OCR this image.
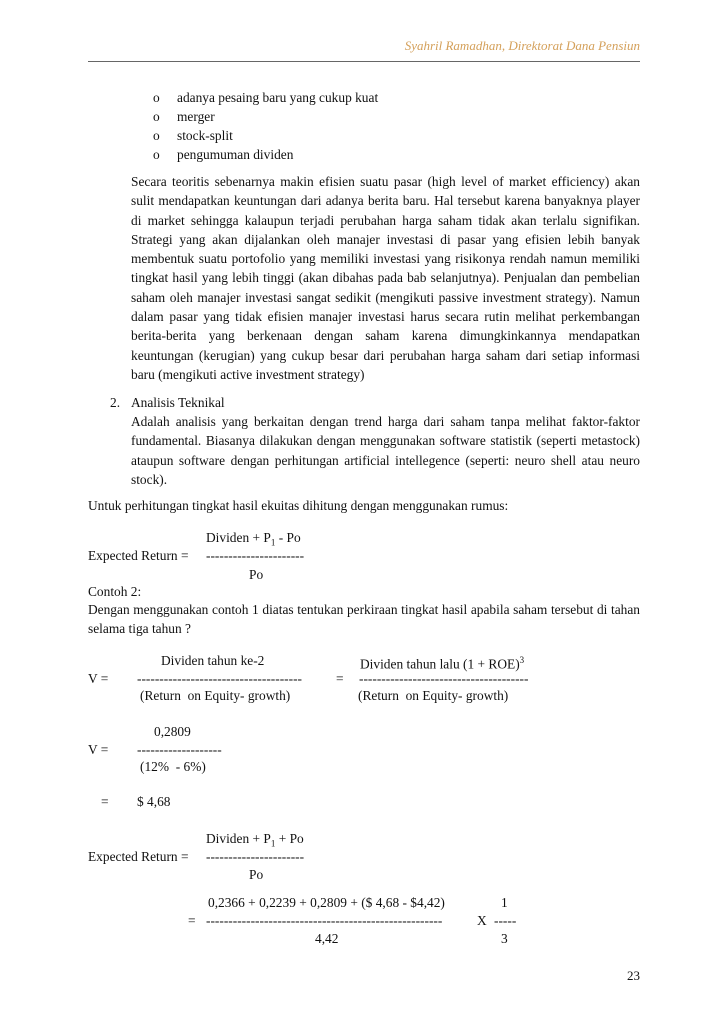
Syahril Ramadhan, Direktorat Dana Pensiun
o	adanya pesaing baru yang cukup kuat
o	merger
o	stock-split
o	pengumuman dividen
Secara teoritis sebenarnya makin efisien suatu pasar (high level of market efficiency) akan sulit mendapatkan keuntungan dari adanya berita baru. Hal tersebut karena banyaknya player di market sehingga kalaupun terjadi perubahan harga saham tidak akan terlalu signifikan. Strategi yang akan dijalankan oleh manajer investasi di pasar yang efisien lebih banyak membentuk suatu portofolio yang memiliki investasi yang risikonya rendah namun memiliki tingkat hasil yang lebih tinggi (akan dibahas pada bab selanjutnya). Penjualan dan pembelian saham oleh manajer investasi sangat sedikit (mengikuti passive investment strategy). Namun dalam pasar yang tidak efisien manajer investasi harus secara rutin melihat perkembangan berita-berita yang berkenaan dengan saham karena dimungkinkannya mendapatkan keuntungan (kerugian) yang cukup besar dari perubahan harga saham dari setiap informasi baru (mengikuti active investment strategy)
2. Analisis Teknikal
Adalah analisis yang berkaitan dengan trend harga dari saham tanpa melihat faktor-faktor fundamental. Biasanya dilakukan dengan menggunakan software statistik (seperti metastock) ataupun software dengan perhitungan artificial intellegence (seperti: neuro shell atau neuro stock).
Untuk perhitungan tingkat hasil ekuitas dihitung dengan menggunakan rumus:
Dividen + $P_1$ - Po
Expected Return = ----------------------
Po
Contoh 2:
Dengan menggunakan contoh 1 diatas tentukan perkiraan tingkat hasil apabila saham tersebut di tahan selama tiga tahun ?
Dividen tahun ke-2	Dividen tahun lalu (1 + ROE)$^3$
V = -------------------------------------	= --------------------------------------
(Return  on Equity- growth)	(Return  on Equity- growth)
0,2809
V = -------------------
(12%  - 6%)
= $ 4,68
Dividen + $P_1 + Po$
Expected Return = ----------------------
Po
0,2366 + 0,2239 + 0,2809 + ($ 4,68 - $4,42)	1
= -----------------------------------------------------	X -----
4,42	3
23
